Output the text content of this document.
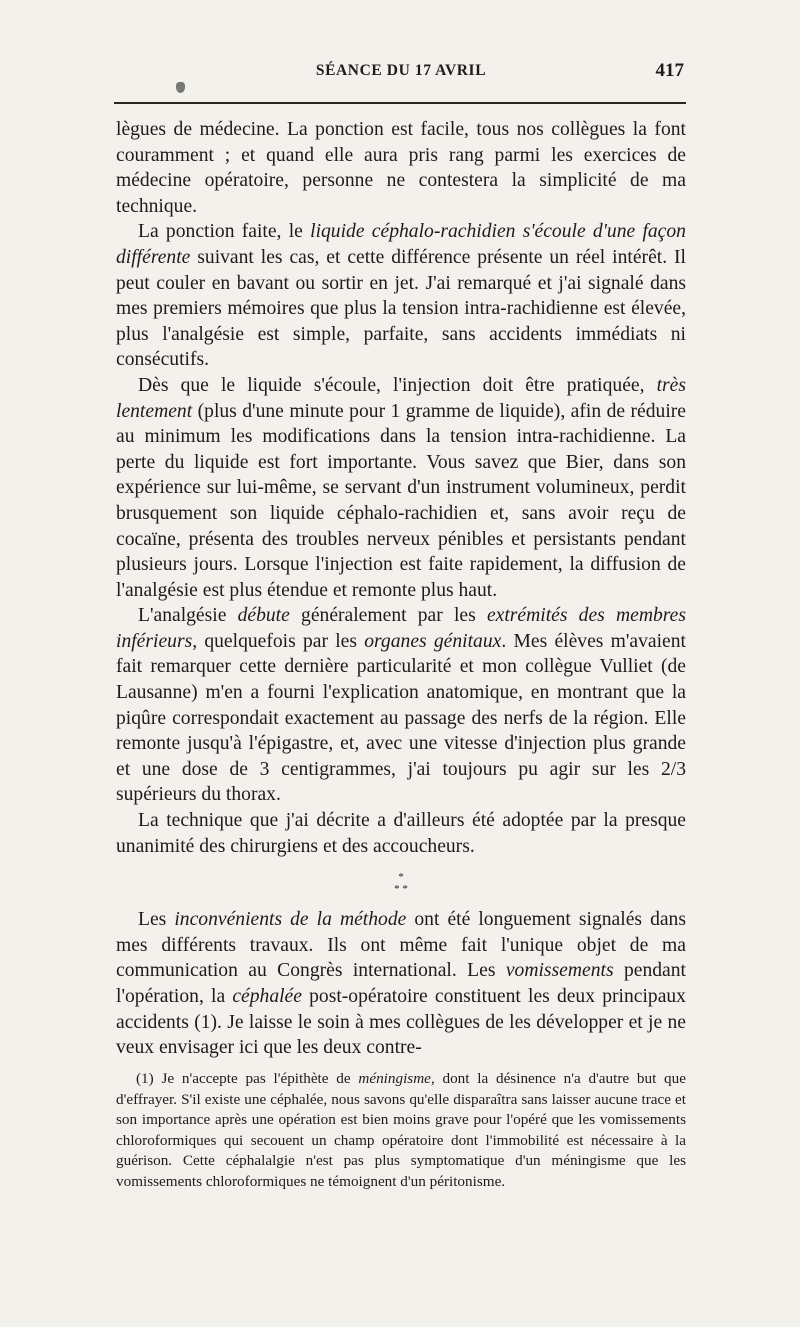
SÉANCE DU 17 AVRIL	417

lègues de médecine. La ponction est facile, tous nos collègues la font couramment ; et quand elle aura pris rang parmi les exercices de médecine opératoire, personne ne contestera la simplicité de ma technique.

La ponction faite, le liquide céphalo-rachidien s'écoule d'une façon différente suivant les cas, et cette différence présente un réel intérêt. Il peut couler en bavant ou sortir en jet. J'ai remarqué et j'ai signalé dans mes premiers mémoires que plus la tension intra-rachidienne est élevée, plus l'analgésie est simple, parfaite, sans accidents immédiats ni consécutifs.

Dès que le liquide s'écoule, l'injection doit être pratiquée, très lentement (plus d'une minute pour 1 gramme de liquide), afin de réduire au minimum les modifications dans la tension intra-rachidienne. La perte du liquide est fort importante. Vous savez que Bier, dans son expérience sur lui-même, se servant d'un instrument volumineux, perdit brusquement son liquide céphalo-rachidien et, sans avoir reçu de cocaïne, présenta des troubles nerveux pénibles et persistants pendant plusieurs jours. Lorsque l'injection est faite rapidement, la diffusion de l'analgésie est plus étendue et remonte plus haut.

L'analgésie débute généralement par les extrémités des membres inférieurs, quelquefois par les organes génitaux. Mes élèves m'avaient fait remarquer cette dernière particularité et mon collègue Vulliet (de Lausanne) m'en a fourni l'explication anatomique, en montrant que la piqûre correspondait exactement au passage des nerfs de la région. Elle remonte jusqu'à l'épigastre, et, avec une vitesse d'injection plus grande et une dose de 3 centigrammes, j'ai toujours pu agir sur les 2/3 supérieurs du thorax.

La technique que j'ai décrite a d'ailleurs été adoptée par la presque unanimité des chirurgiens et des accoucheurs.

*
* *

Les inconvénients de la méthode ont été longuement signalés dans mes différents travaux. Ils ont même fait l'unique objet de ma communication au Congrès international. Les vomissements pendant l'opération, la céphalée post-opératoire constituent les deux principaux accidents (1). Je laisse le soin à mes collègues de les développer et je ne veux envisager ici que les deux contre-

(1) Je n'accepte pas l'épithète de méningisme, dont la désinence n'a d'autre but que d'effrayer. S'il existe une céphalée, nous savons qu'elle disparaîtra sans laisser aucune trace et son importance après une opération est bien moins grave pour l'opéré que les vomissements chloroformiques qui secouent un champ opératoire dont l'immobilité est nécessaire à la guérison. Cette céphalalgie n'est pas plus symptomatique d'un méningisme que les vomissements chloroformiques ne témoignent d'un péritonisme.
